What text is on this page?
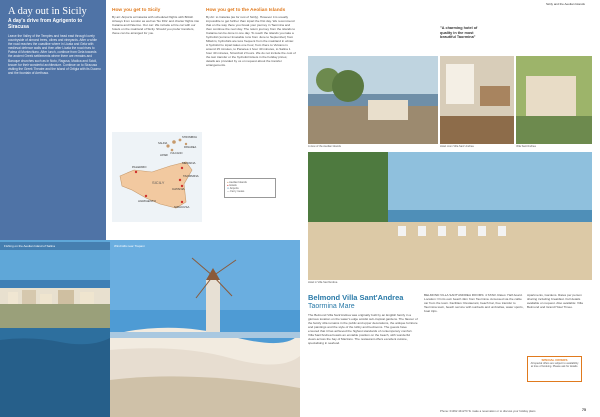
A day out in Sicily
A day's drive from Agrigento to Siracusa

Leave the Valley of the Temples and head east through lovely countryside of almond trees, olives and vineyards. After a while the road reaches the coastline where in Licata and Gela with medieval defence walls and then after Licata the road rises to Palma di Montechiaro. After lunch, continue from Gela towards the ancient Greek settlements where there are remains and Baroque churches such as in Noto, Ragusa, Modica and Scicli, known for their wonderful architecture. Continue on to Siracusa visiting the Greek Theatre and the island of Ortigia with its Duomo and the fountain of Arethusa.

How you get to Sicily

By air: Airports at Catania with scheduled flights with British Airways from London as well as 'No frills' and charter flights into Catania and Palermo. Our car: We include a hire car with our hotels on the mainland of Sicily. Should you prefer transfers, these can be arranged for you.

How you get to the Aeolian Islands

By Air: to Catania (as for rest of Sicily). However it is usually impossible to get further than Lipari the first day. We recommend that on the way there you break your journey in Taormina and then continue the next day. The return journey from the islands to Catania can be done in one day. To reach the islands you take a hydrofoil (summer timetable runs from June to September) from Milazzo; hydrofoils are less frequent from the mainland in winter. A hydrofoil to Lipari takes one hour, from there to Vulcano is around 15 minutes, to Panarea 1 hour 40 minutes, to Salina 1 hour 40 minutes, Stromboli 2 hours. We do not include the cost of the taxi transfer or the hydrofoil tickets in the holiday prices; details are provided by us on request about the transfer arrangements.

PALERMO
MESSINA
TAORMINA
CATANIA
SICILY
AGRIGENTO
SIRACUSA
LIPARI
SALINA
STROMBOLI
PANAREA
VULCANO
● Aeolian Islands
● Hotels
✈ Airports
— Ferry routes
Fishing on the Aeolian Island of Salina	Windmills near Trapani
Sicily and the Aeolian Islands
"A charming hotel of quality in the most beautiful Taormina"
A view of the Aeolian Islands	Hotel room Villa Sant' Andrea	Villa Sant'Andrea
Hotel in Villa Sant'Andrea
Belmond Villa Sant'Andrea
Taormina Mare
The Belmond Villa Sant'Andrea was originally built by an English family in a glorious location on the water's edge amidst sub-tropical gardens. The flavour of the family villa remains in the public and upper decorations, the antique furniture and paintings and the style of the lobby and bedrooms. The guests have ensured that it has achieved the highest standards of contemporary comfort. Villa Sant'Andrea boasts an enviable position on the beach, with wonderful views across the bay of Mazzaro. The restaurant offers excellent cuisine, specialising in seafood.
BELMOND VILLA SANT'ANDREA ROOMS: 4 STAR. Rates: Half-board. Location: On its own beach 4km from Taormina. Accessed via the cable car from the town. Facilities: Restaurant, beach bar, free transfer to Taormina town, beach service with sunbeds and umbrellas, water sports, boat trips.
Apartments, Gardens. Rates per person sharing including breakfast. Full details available on request. Also available: Villa Belmond and Grand Hotel Timeo.
SPECIAL OFFERS

All special offers are subject to availability at time of booking. Please ask for details.

Phone: 01392 441270 To make a reservation or to discuss your holiday plans	75
